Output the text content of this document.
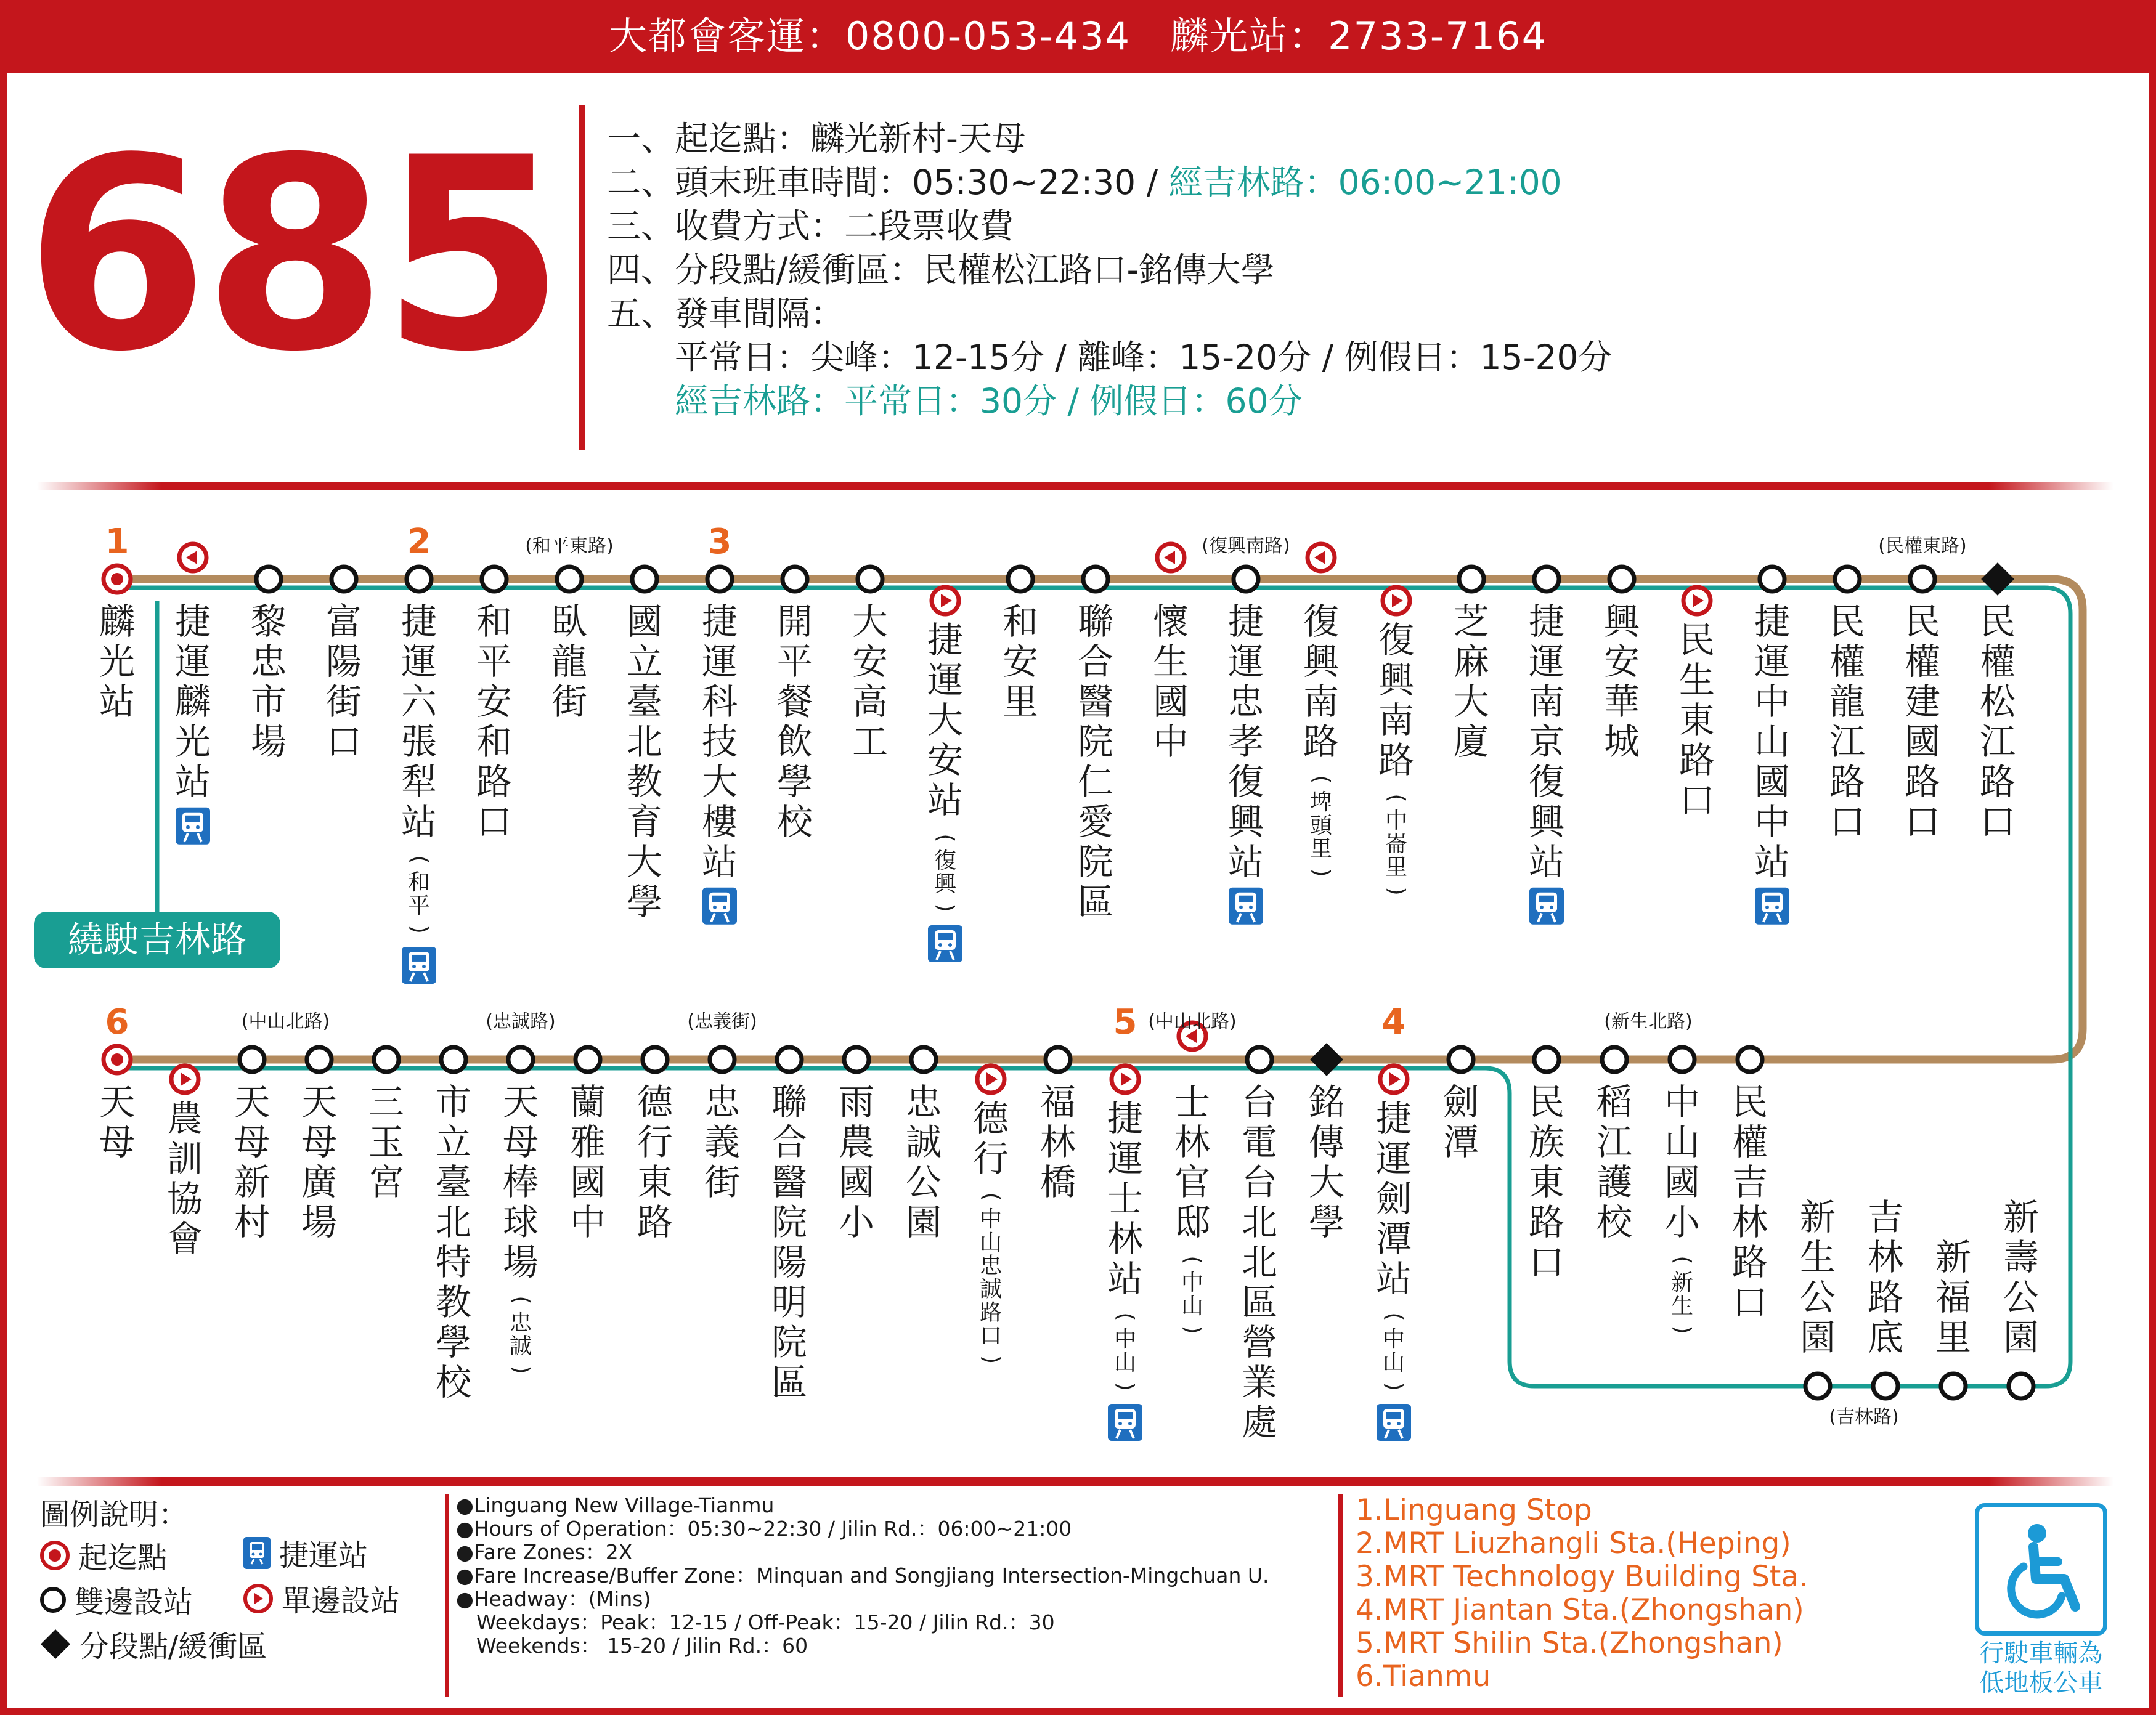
大都會客運：0800-053-434　麟光站：2733-7164
685 一、起迄點：麟光新村-天母
二、頭末班車時間：05:30~22:30 / 經吉林路：06:00~21:00
三、收費方式：二段票收費
四、分段點/緩衝區：民權松江路口-銘傳大學
五、發車間隔：
　　平常日：尖峰：12-15分 / 離峰：15-20分 / 例假日：15-20分
　　經吉林路：平常日：30分 / 例假日：60分
1
麟
光
站
捷
運
麟
光
站
黎
忠
市
場
富
陽
街
口
2
捷
運
六
張
犁
站
(
和
平
)
和
平
安
和
路
口
(和平東路)
臥
龍
街
國
立
臺
北
教
育
大
學
3
捷
運
科
技
大
樓
站
開
平
餐
飲
學
校
大
安
高
工
捷
運
大
安
站
(
復
興
)
和
安
里
聯
合
醫
院
仁
愛
院
區
懷
生
國
中
(復興南路)
捷
運
忠
孝
復
興
站
復
興
南
路
(
埤
頭
里
)
復
興
南
路
(
中
崙
里
)
芝
麻
大
廈
捷
運
南
京
復
興
站
興
安
華
城
民
生
東
路
口
捷
運
中
山
國
中
站
民
權
龍
江
路
口
(民權東路)
民
權
建
國
路
口
民
權
松
江
路
口
繞駛吉林路
6
天
母
農
訓
協
會
天
母
新
村
天
母
廣
場
三
玉
宮
市
立
臺
北
特
教
學
校
天
母
棒
球
場
(
忠
誠
)
蘭
雅
國
中
德
行
東
路
忠
義
街
聯
合
醫
院
陽
明
院
區
雨
農
國
小
忠
誠
公
園
德
行
(
中
山
忠
誠
路
口
)
福
林
橋
5
捷
運
士
林
站
(
中
山
)
士
林
官
邸
(
中
山
)
台
電
台
北
北
區
營
業
處
銘
傳
大
學
4
捷
運
劍
潭
站
(
中
山
)
劍
潭
民
族
東
路
口
稻
江
護
校
中
山
國
小
(
新
生
)
民
權
吉
林
路
口
(中山北路)	(忠誠路)	(忠義街)	(中山北路)	(新生北路)
新
生
公
園
吉
林
路
底
新
福
里
新
壽
公
園
(吉林路)
圖例說明：
起迄點	捷運站
雙邊設站	單邊設站
分段點/緩衝區
●Linguang New Village-Tianmu
●Hours of Operation：05:30~22:30 / Jilin Rd.：06:00~21:00
●Fare Zones：2X
●Fare Increase/Buffer Zone：Minquan and Songjiang Intersection-Mingchuan U.
●Headway：(Mins)
　Weekdays：Peak：12-15 / Off-Peak：15-20 / Jilin Rd.：30
　Weekends： 15-20 / Jilin Rd.：60
1.Linguang Stop
2.MRT Liuzhangli Sta.(Heping)
3.MRT Technology Building Sta.
4.MRT Jiantan Sta.(Zhongshan)
5.MRT Shilin Sta.(Zhongshan)
6.Tianmu
行駛車輛為
低地板公車
